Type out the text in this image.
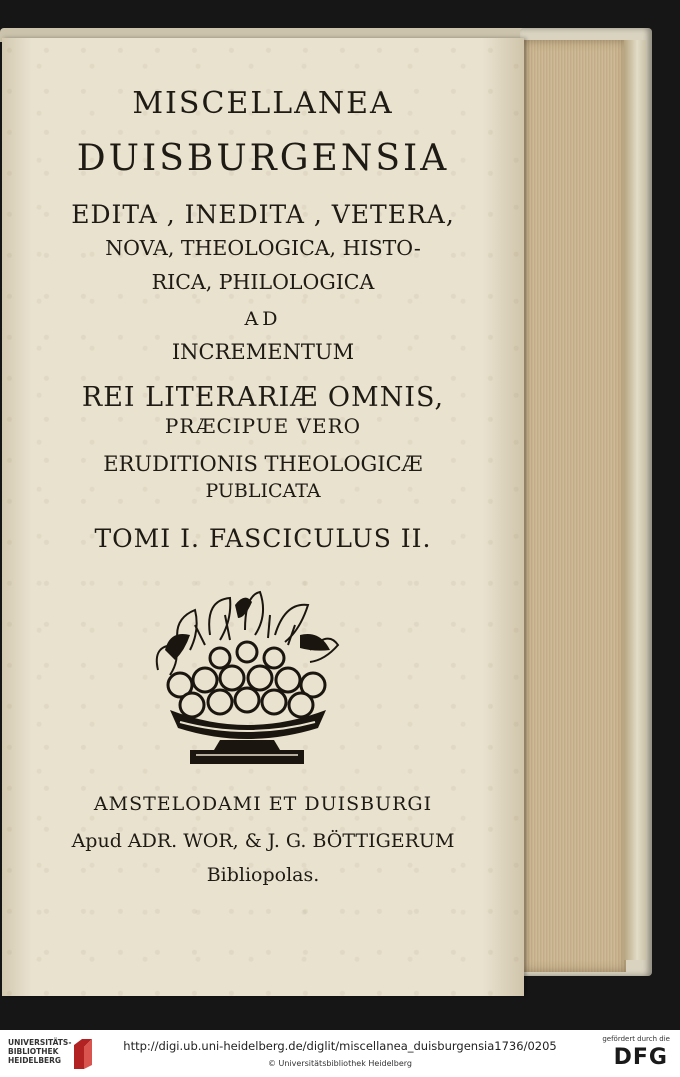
MISCELLANEA
DUISBURGENSIA
EDITA , INEDITA , VETERA,
NOVA, THEOLOGICA, HISTO-
RICA, PHILOLOGICA
AD
INCREMENTUM
REI LITERARIÆ OMNIS,
PRÆCIPUE VERO
ERUDITIONIS THEOLOGICÆ
PUBLICATA
TOMI I. FASCICULUS II.
AMSTELODAMI ET DUISBURGI
Apud ADR. WOR, & J. G. BÖTTIGERUM
Bibliopolas.
UNIVERSITÄTS-
BIBLIOTHEK
HEIDELBERG
http://digi.ub.uni-heidelberg.de/diglit/miscellanea_duisburgensia1736/0205
© Universitätsbibliothek Heidelberg
gefördert durch die
DFG
